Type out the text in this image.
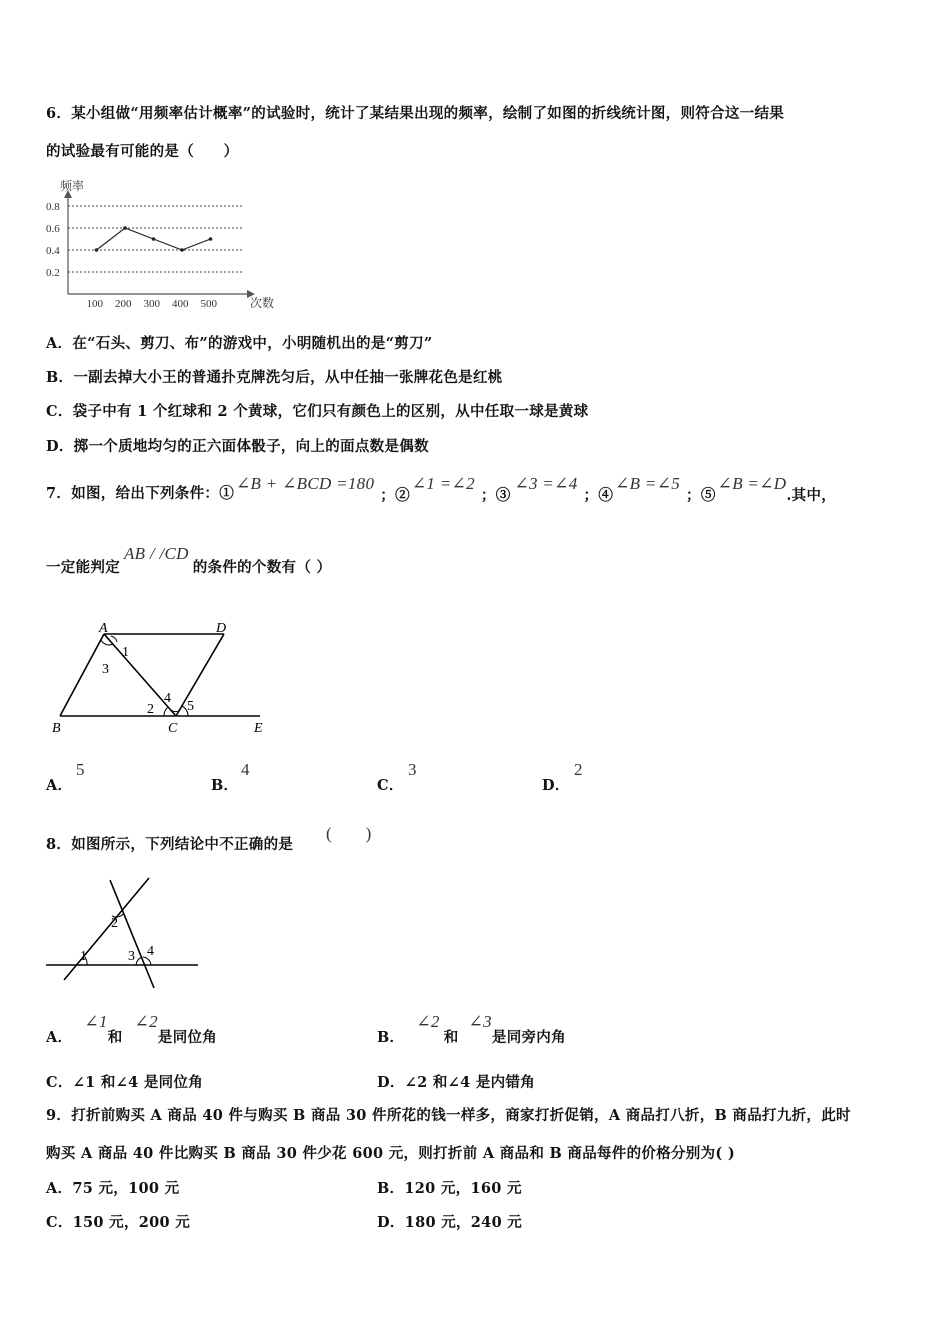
6．某小组做“用频率估计概率”的试验时，统计了某结果出现的频率，绘制了如图的折线统计图，则符合这一结果
的试验最有可能的是（　　）
频率
次数
0.8
0.6
0.4
0.2
100 200 300 400 500
A．在“石头、剪刀、布”的游戏中，小明随机出的是“剪刀”
B．一副去掉大小王的普通扑克牌洗匀后，从中任抽一张牌花色是红桃
C．袋子中有 1 个红球和 2 个黄球，它们只有颜色上的区别，从中任取一球是黄球
D．掷一个质地均匀的正六面体骰子，向上的面点数是偶数
7．如图，给出下列条件：①
∠B + ∠BCD =180
；②
∠1 =∠2
；③
∠3 =∠4
；④
∠B =∠5
；⑤
∠B =∠D
.其中，
一定能判定
AB / /CD
的条件的个数有（ ）
A	D
B	C	E
1
3
4
2 5
A．
5
B．
4
C．
3
D．
2
8．如图所示，下列结论中不正确的是
(　　)
1
2
3 4
A．
∠1
和
∠2
是同位角	B．
∠2
和
∠3
是同旁内角
C．∠1 和∠4 是同位角	D．∠2 和∠4 是内错角
9．打折前购买 A 商品 40 件与购买 B 商品 30 件所花的钱一样多，商家打折促销，A 商品打八折，B 商品打九折，此时
购买 A 商品 40 件比购买 B 商品 30 件少花 600 元，则打折前 A 商品和 B 商品每件的价格分别为( )
A．75 元，100 元	B．120 元，160 元
C．150 元，200 元	D．180 元，240 元
